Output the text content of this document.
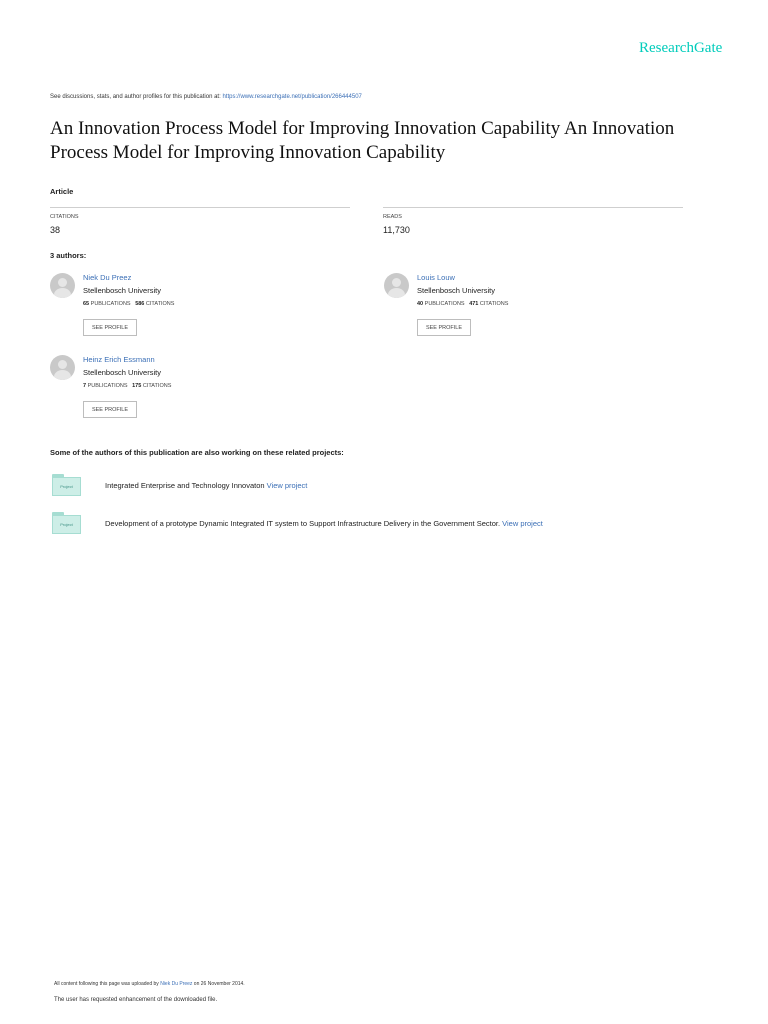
ResearchGate
See discussions, stats, and author profiles for this publication at: https://www.researchgate.net/publication/266444507
An Innovation Process Model for Improving Innovation Capability An Innovation Process Model for Improving Innovation Capability
Article
CITATIONS
38
READS
11,730
3 authors:
Niek Du Preez
Stellenbosch University
65 PUBLICATIONS 586 CITATIONS
SEE PROFILE
Louis Louw
Stellenbosch University
40 PUBLICATIONS 471 CITATIONS
SEE PROFILE
Heinz Erich Essmann
Stellenbosch University
7 PUBLICATIONS 175 CITATIONS
SEE PROFILE
Some of the authors of this publication are also working on these related projects:
Project	Integrated Enterprise and Technology Innovaton View project
Project	Development of a prototype Dynamic Integrated IT system to Support Infrastructure Delivery in the Government Sector. View project
All content following this page was uploaded by Niek Du Preez on 26 November 2014.
The user has requested enhancement of the downloaded file.
